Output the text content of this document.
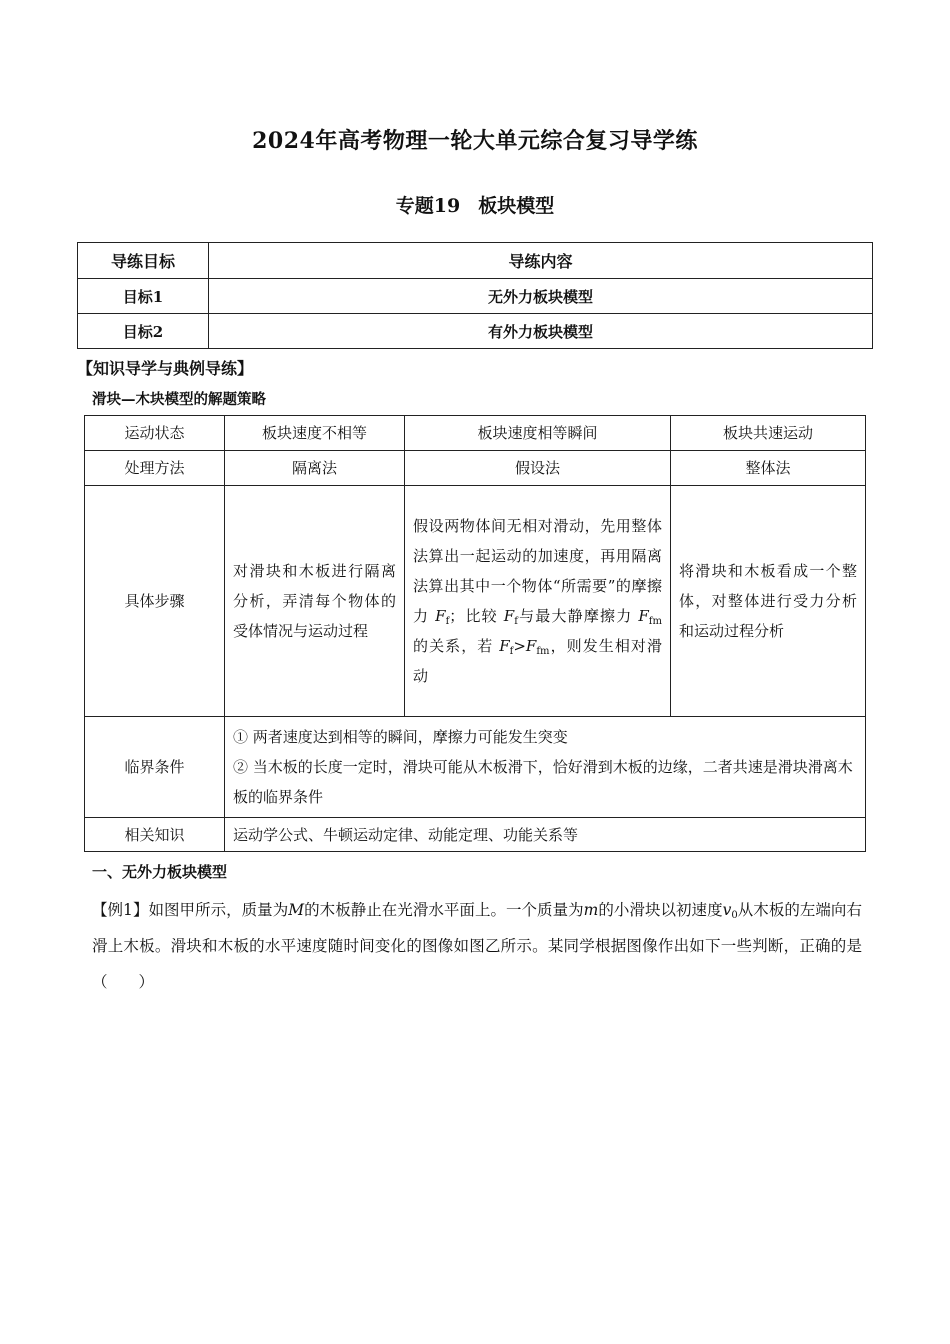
2024年高考物理一轮大单元综合复习导学练
专题19 板块模型
导练目标	导练内容
目标1	无外力板块模型
目标2	有外力板块模型
【知识导学与典例导练】
滑块—木块模型的解题策略
运动状态	板块速度不相等	板块速度相等瞬间	板块共速运动
处理方法	隔离法	假设法	整体法
具体步骤	对滑块和木板进行隔离分析，弄清每个物体的受体情况与运动过程	假设两物体间无相对滑动，先用整体法算出一起运动的加速度，再用隔离法算出其中一个物体“所需要”的摩擦力 $F_f$；比较 $F_f$与最大静摩擦力 $F_{fm}$ 的关系，若 $F_f>F_{fm}$，则发生相对滑动	将滑块和木板看成一个整体，对整体进行受力分析和运动过程分析
临界条件	① 两者速度达到相等的瞬间，摩擦力可能发生突变
② 当木板的长度一定时，滑块可能从木板滑下，恰好滑到木板的边缘，二者共速是滑块滑离木板的临界条件		

相关知识	运动学公式、牛顿运动定律、动能定理、功能关系等		
一、无外力板块模型
【例1】如图甲所示，质量为M的木板静止在光滑水平面上。一个质量为m的小滑块以初速度$v_0$从木板的左端向右滑上木板。滑块和木板的水平速度随时间变化的图像如图乙所示。某同学根据图像作出如下一些判断，正确的是（　　）
